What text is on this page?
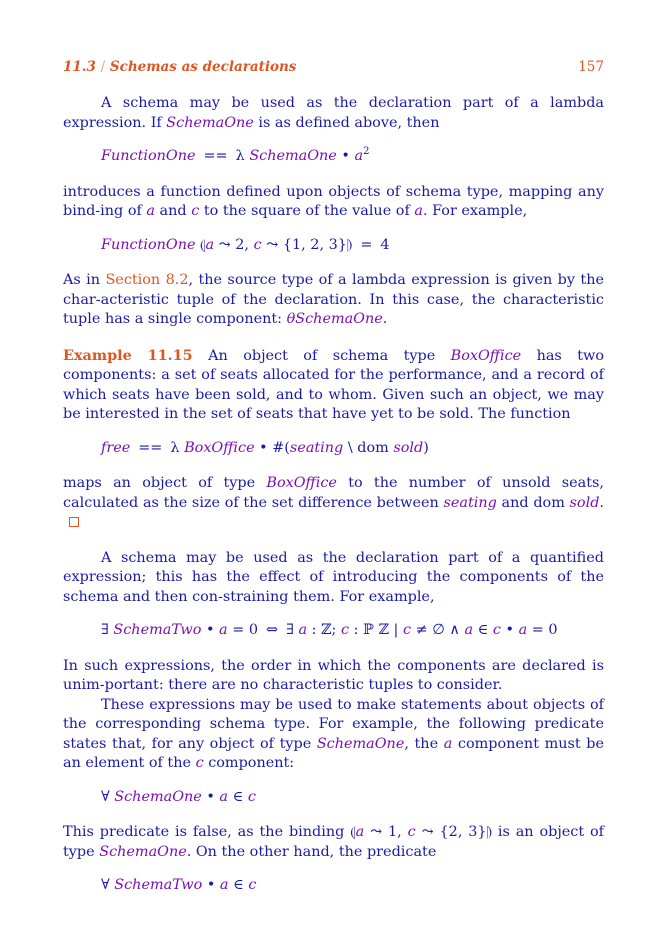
11.3 / Schemas as declarations	157

A schema may be used as the declaration part of a lambda expression. If SchemaOne is as defined above, then

FunctionOne == λ SchemaOne • $a^2$

introduces a function defined upon objects of schema type, mapping any bind-ing of a and c to the square of the value of a. For example,

FunctionOne ⦇a ⤳ 2, c ⤳ {1, 2, 3}⦈ = 4

As in Section 8.2, the source type of a lambda expression is given by the char-acteristic tuple of the declaration. In this case, the characteristic tuple has a single component: θSchemaOne.

Example 11.15 An object of schema type BoxOffice has two components: a set of seats allocated for the performance, and a record of which seats have been sold, and to whom. Given such an object, we may be interested in the set of seats that have yet to be sold. The function

free == λ BoxOffice • #(seating \ dom sold)

maps an object of type BoxOffice to the number of unsold seats, calculated as the size of the set difference between seating and dom sold.

A schema may be used as the declaration part of a quantified expression; this has the effect of introducing the components of the schema and then con-straining them. For example,

∃ SchemaTwo • a = 0 ⇔ ∃ a : ℤ; c : ℙ ℤ | c ≠ ∅ ∧ a ∈ c • a = 0

In such expressions, the order in which the components are declared is unim-portant: there are no characteristic tuples to consider.

These expressions may be used to make statements about objects of the corresponding schema type. For example, the following predicate states that, for any object of type SchemaOne, the a component must be an element of the c component:

∀ SchemaOne • a ∈ c

This predicate is false, as the binding ⦇a ⤳ 1, c ⤳ {2, 3}⦈ is an object of type SchemaOne. On the other hand, the predicate

∀ SchemaTwo • a ∈ c
